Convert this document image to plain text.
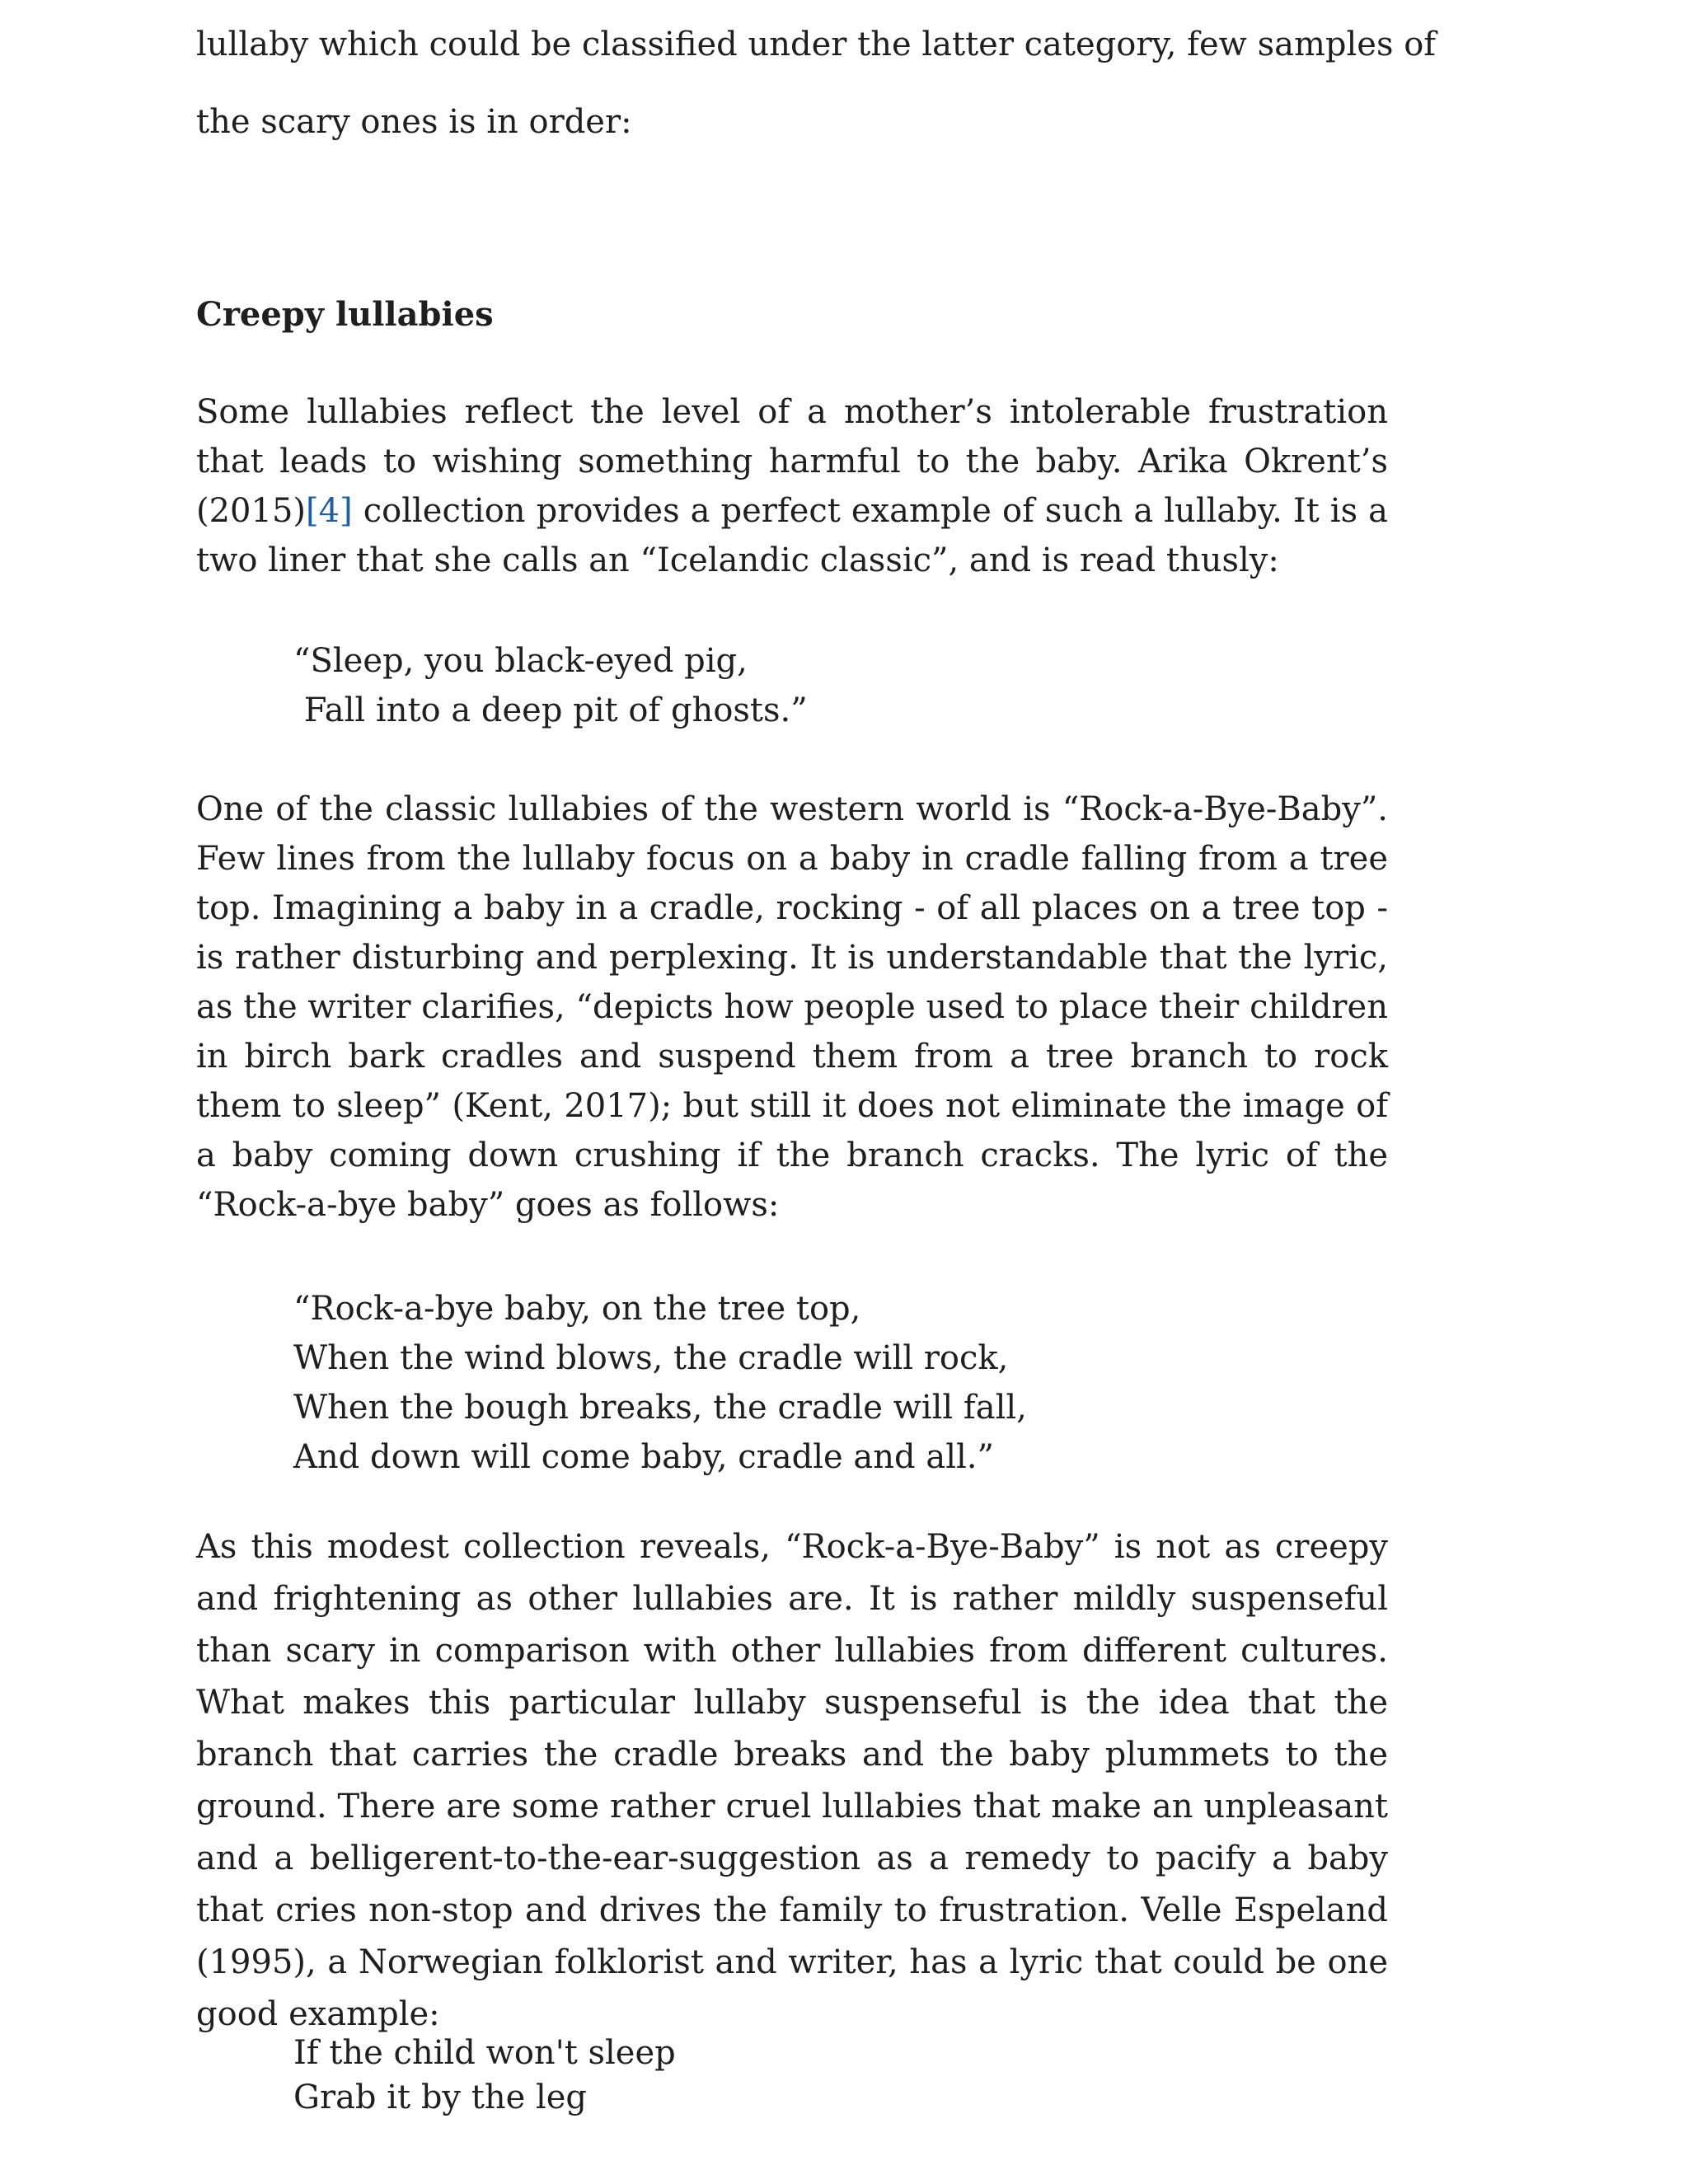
lullaby which could be classified under the latter category, few samples of

the scary ones is in order:

Creepy lullabies

Some lullabies reflect the level of a mother’s intolerable frustration that leads to wishing something harmful to the baby. Arika Okrent’s (2015)[4] collection provides a perfect example of such a lullaby. It is a two liner that she calls an “Icelandic classic”, and is read thusly:

“Sleep, you black-eyed pig,
Fall into a deep pit of ghosts.”

One of the classic lullabies of the western world is “Rock-a-Bye-Baby”. Few lines from the lullaby focus on a baby in cradle falling from a tree top. Imagining a baby in a cradle, rocking - of all places on a tree top - is rather disturbing and perplexing. It is understandable that the lyric, as the writer clarifies, “depicts how people used to place their children in birch bark cradles and suspend them from a tree branch to rock them to sleep” (Kent, 2017); but still it does not eliminate the image of a baby coming down crushing if the branch cracks. The lyric of the “Rock-a-bye baby” goes as follows:

“Rock-a-bye baby, on the tree top,
When the wind blows, the cradle will rock,
When the bough breaks, the cradle will fall,
And down will come baby, cradle and all.”

As this modest collection reveals, “Rock-a-Bye-Baby” is not as creepy and frightening as other lullabies are. It is rather mildly suspenseful than scary in comparison with other lullabies from different cultures. What makes this particular lullaby suspenseful is the idea that the branch that carries the cradle breaks and the baby plummets to the ground. There are some rather cruel lullabies that make an unpleasant and a belligerent-to-the-ear-suggestion as a remedy to pacify a baby that cries non-stop and drives the family to frustration. Velle Espeland (1995), a Norwegian folklorist and writer, has a lyric that could be one good example:

If the child won't sleep
Grab it by the leg
